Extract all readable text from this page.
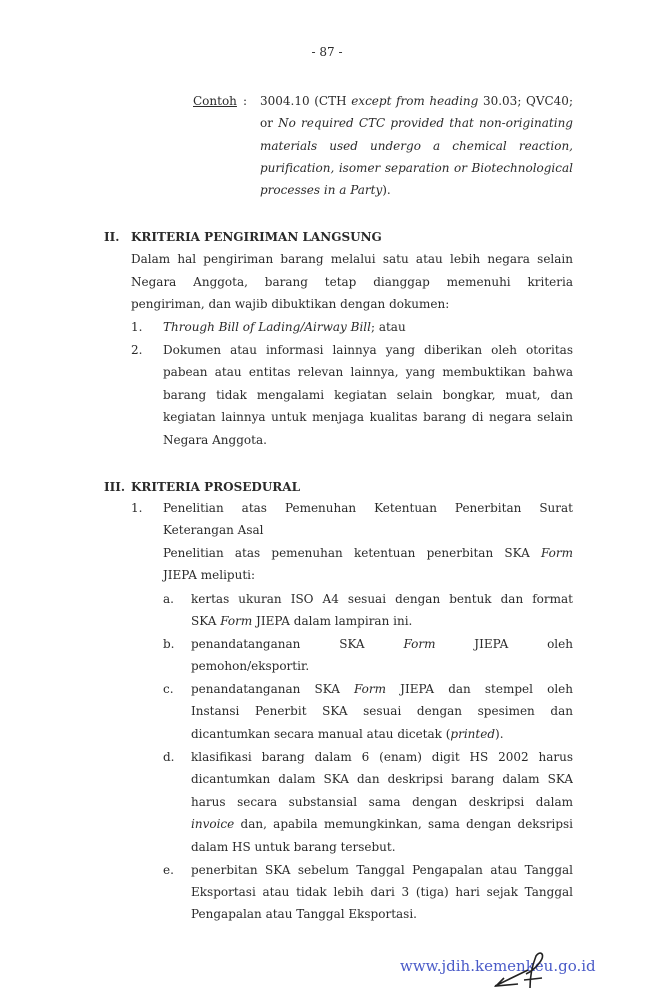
- 87 -
Contoh : 3004.10 (CTH except from heading 30.03; QVC40;
or No required CTC provided that non-originating
materials used undergo a chemical reaction,
purification, isomer separation or Biotechnological
processes in a Party).
II. KRITERIA PENGIRIMAN LANGSUNG
Dalam hal pengiriman barang melalui satu atau lebih negara selain
Negara Anggota, barang tetap dianggap memenuhi kriteria
pengiriman, dan wajib dibuktikan dengan dokumen:
1. Through Bill of Lading/Airway Bill; atau
2. Dokumen atau informasi lainnya yang diberikan oleh otoritas
pabean atau entitas relevan lainnya, yang membuktikan bahwa
barang tidak mengalami kegiatan selain bongkar, muat, dan
kegiatan lainnya untuk menjaga kualitas barang di negara selain
Negara Anggota.
III. KRITERIA PROSEDURAL
1. Penelitian atas Pemenuhan Ketentuan Penerbitan Surat
Keterangan Asal
Penelitian atas pemenuhan ketentuan penerbitan SKA Form
JIEPA meliputi:
a. kertas ukuran ISO A4 sesuai dengan bentuk dan format
SKA Form JIEPA dalam lampiran ini.
b. penandatanganan SKA Form JIEPA oleh
pemohon/eksportir.
c. penandatanganan SKA Form JIEPA dan stempel oleh
Instansi Penerbit SKA sesuai dengan spesimen dan
dicantumkan secara manual atau dicetak (printed).
d. klasifikasi barang dalam 6 (enam) digit HS 2002 harus
dicantumkan dalam SKA dan deskripsi barang dalam SKA
harus secara substansial sama dengan deskripsi dalam
invoice dan, apabila memungkinkan, sama dengan deksripsi
dalam HS untuk barang tersebut.
e. penerbitan SKA sebelum Tanggal Pengapalan atau Tanggal
Eksportasi atau tidak lebih dari 3 (tiga) hari sejak Tanggal
Pengapalan atau Tanggal Eksportasi.
www.jdih.kemenkeu.go.id
